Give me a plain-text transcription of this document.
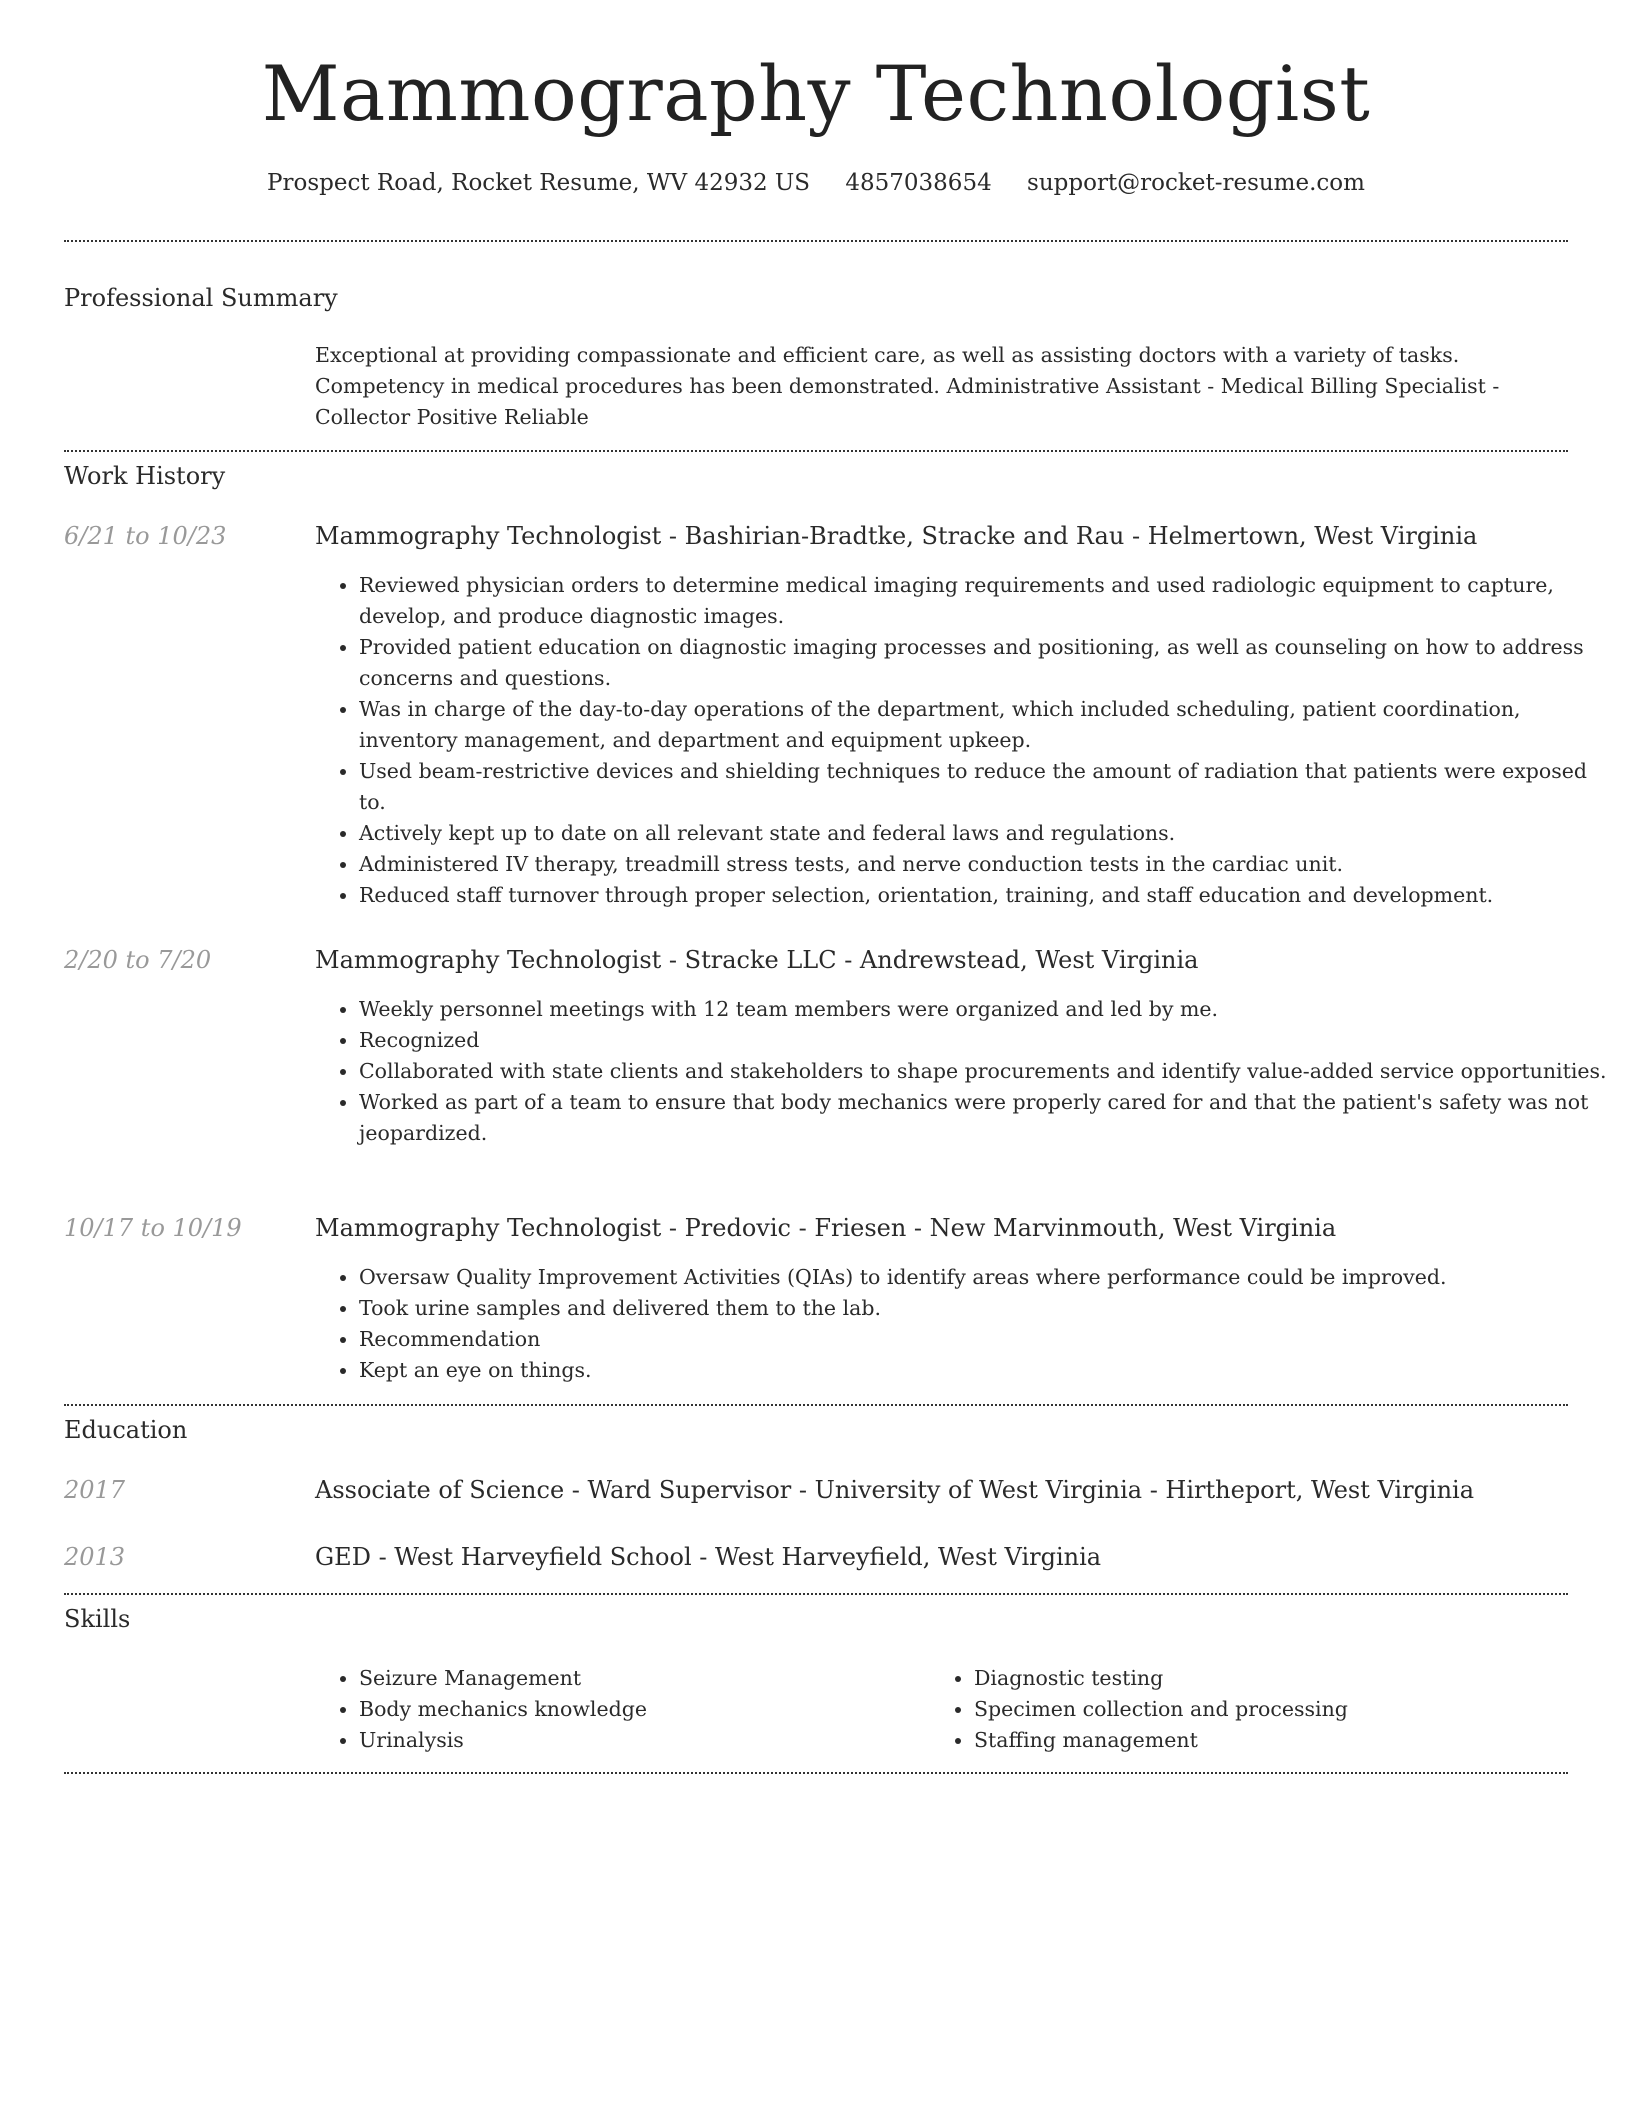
Mammography Technologist
Prospect Road, Rocket Resume, WV 42932 US 4857038654 support@rocket-resume.com
Professional Summary
Exceptional at providing compassionate and efficient care, as well as assisting doctors with a variety of tasks. Competency in medical procedures has been demonstrated. Administrative Assistant - Medical Billing Specialist - Collector Positive Reliable
Work History
6/21 to 10/23	Mammography Technologist - Bashirian-Bradtke, Stracke and Rau - Helmertown, West Virginia
• Reviewed physician orders to determine medical imaging requirements and used radiologic equipment to capture, develop, and produce diagnostic images.
• Provided patient education on diagnostic imaging processes and positioning, as well as counseling on how to address concerns and questions.
• Was in charge of the day-to-day operations of the department, which included scheduling, patient coordination, inventory management, and department and equipment upkeep.
• Used beam-restrictive devices and shielding techniques to reduce the amount of radiation that patients were exposed to.
• Actively kept up to date on all relevant state and federal laws and regulations.
• Administered IV therapy, treadmill stress tests, and nerve conduction tests in the cardiac unit.
• Reduced staff turnover through proper selection, orientation, training, and staff education and development.
2/20 to 7/20	Mammography Technologist - Stracke LLC - Andrewstead, West Virginia
• Weekly personnel meetings with 12 team members were organized and led by me.
• Recognized
• Collaborated with state clients and stakeholders to shape procurements and identify value-added service opportunities.
• Worked as part of a team to ensure that body mechanics were properly cared for and that the patient's safety was not jeopardized.
10/17 to 10/19	Mammography Technologist - Predovic - Friesen - New Marvinmouth, West Virginia
• Oversaw Quality Improvement Activities (QIAs) to identify areas where performance could be improved.
• Took urine samples and delivered them to the lab.
• Recommendation
• Kept an eye on things.
Education
2017	Associate of Science - Ward Supervisor - University of West Virginia - Hirtheport, West Virginia
2013	GED - West Harveyfield School - West Harveyfield, West Virginia
Skills
• Seizure Management
• Body mechanics knowledge
• Urinalysis
• Diagnostic testing
• Specimen collection and processing
• Staffing management
